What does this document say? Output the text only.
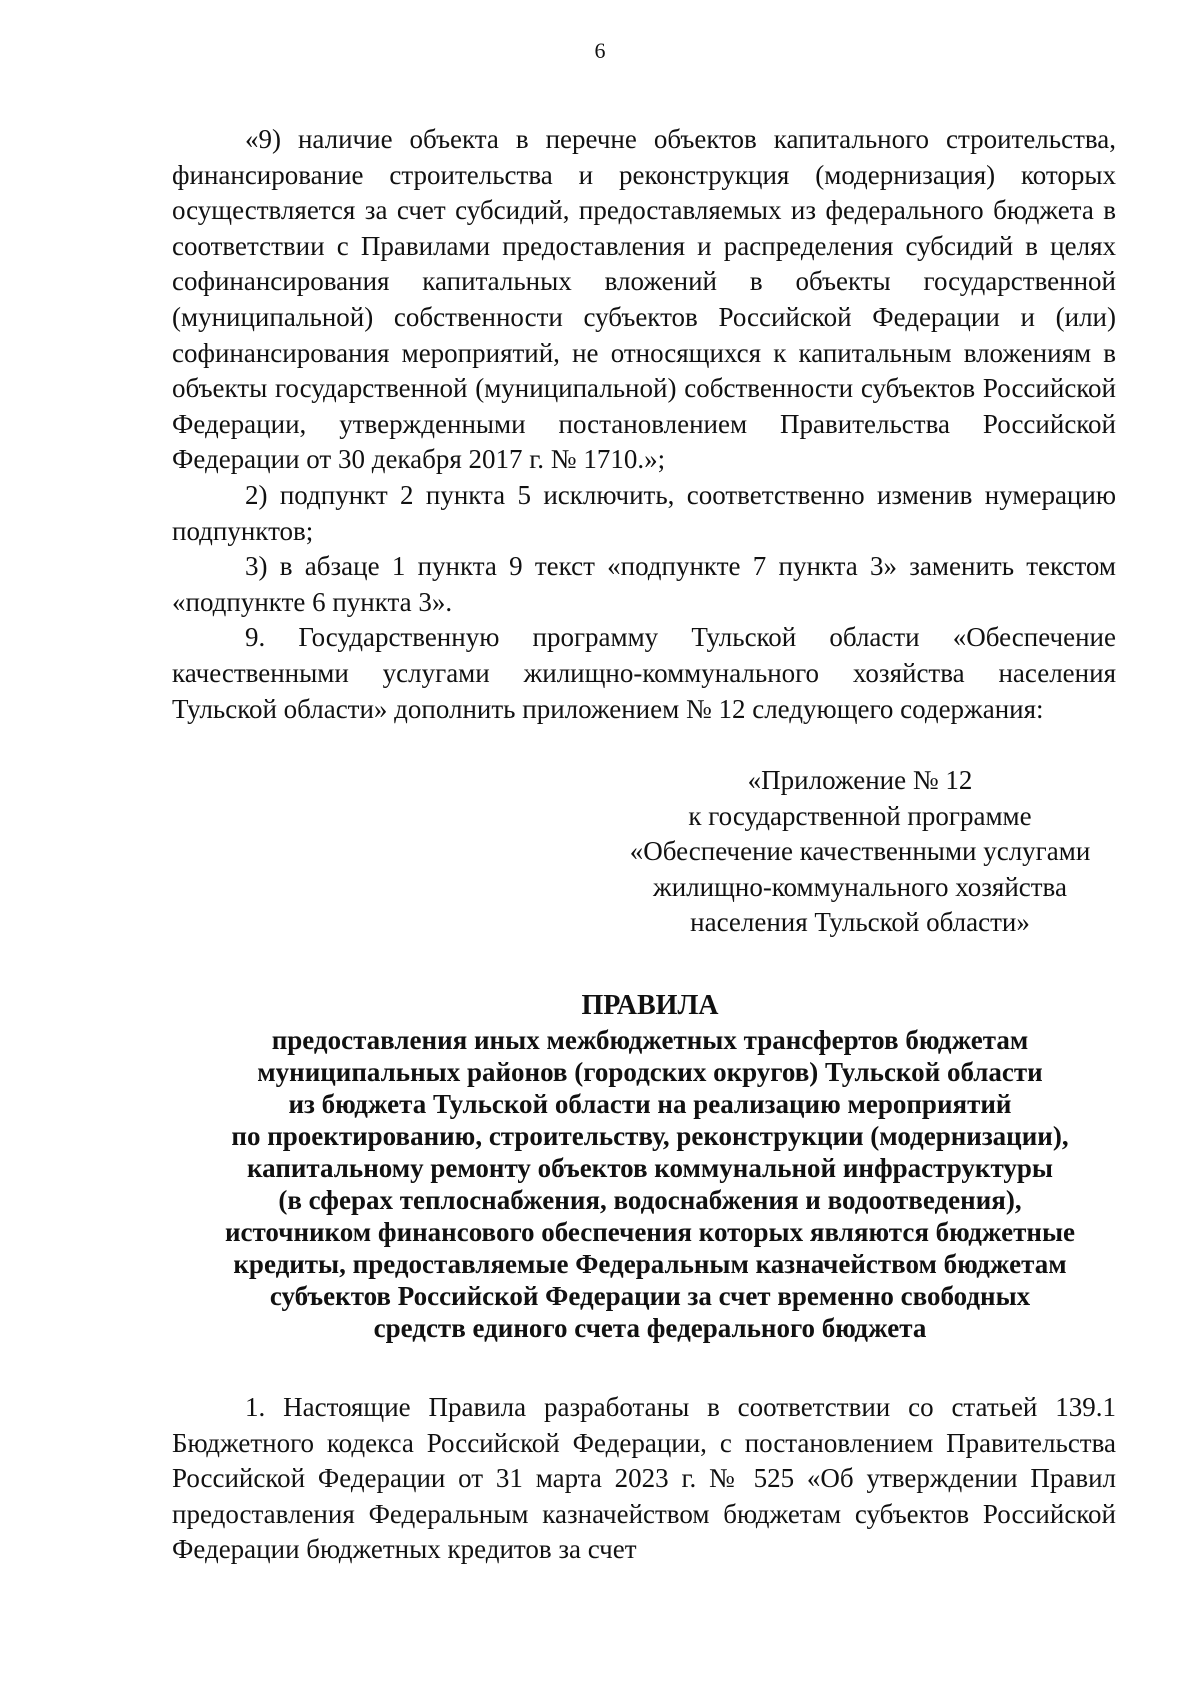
6

«9) наличие объекта в перечне объектов капитального строительства, финансирование строительства и реконструкция (модернизация) которых осуществляется за счет субсидий, предоставляемых из федерального бюджета в соответствии с Правилами предоставления и распределения субсидий в целях софинансирования капитальных вложений в объекты государственной (муниципальной) собственности субъектов Российской Федерации и (или) софинансирования мероприятий, не относящихся к капитальным вложениям в объекты государственной (муниципальной) собственности субъектов Российской Федерации, утвержденными постановлением Правительства Российской Федерации от 30 декабря 2017 г. № 1710.»;

2) подпункт 2 пункта 5 исключить, соответственно изменив нумерацию подпунктов;

3) в абзаце 1 пункта 9 текст «подпункте 7 пункта 3» заменить текстом «подпункте 6 пункта 3».

9. Государственную программу Тульской области «Обеспечение качественными услугами жилищно-коммунального хозяйства населения Тульской области» дополнить приложением № 12 следующего содержания:

«Приложение № 12
к государственной программе
«Обеспечение качественными услугами
жилищно-коммунального хозяйства
населения Тульской области»
ПРАВИЛА
предоставления иных межбюджетных трансфертов бюджетам
муниципальных районов (городских округов) Тульской области
из бюджета Тульской области на реализацию мероприятий
по проектированию, строительству, реконструкции (модернизации),
капитальному ремонту объектов коммунальной инфраструктуры
(в сферах теплоснабжения, водоснабжения и водоотведения),
источником финансового обеспечения которых являются бюджетные
кредиты, предоставляемые Федеральным казначейством бюджетам
субъектов Российской Федерации за счет временно свободных
средств единого счета федерального бюджета

1. Настоящие Правила разработаны в соответствии со статьей 139.1 Бюджетного кодекса Российской Федерации, с постановлением Правительства Российской Федерации от 31 марта 2023 г. № 525 «Об утверждении Правил предоставления Федеральным казначейством бюджетам субъектов Российской Федерации бюджетных кредитов за счет
